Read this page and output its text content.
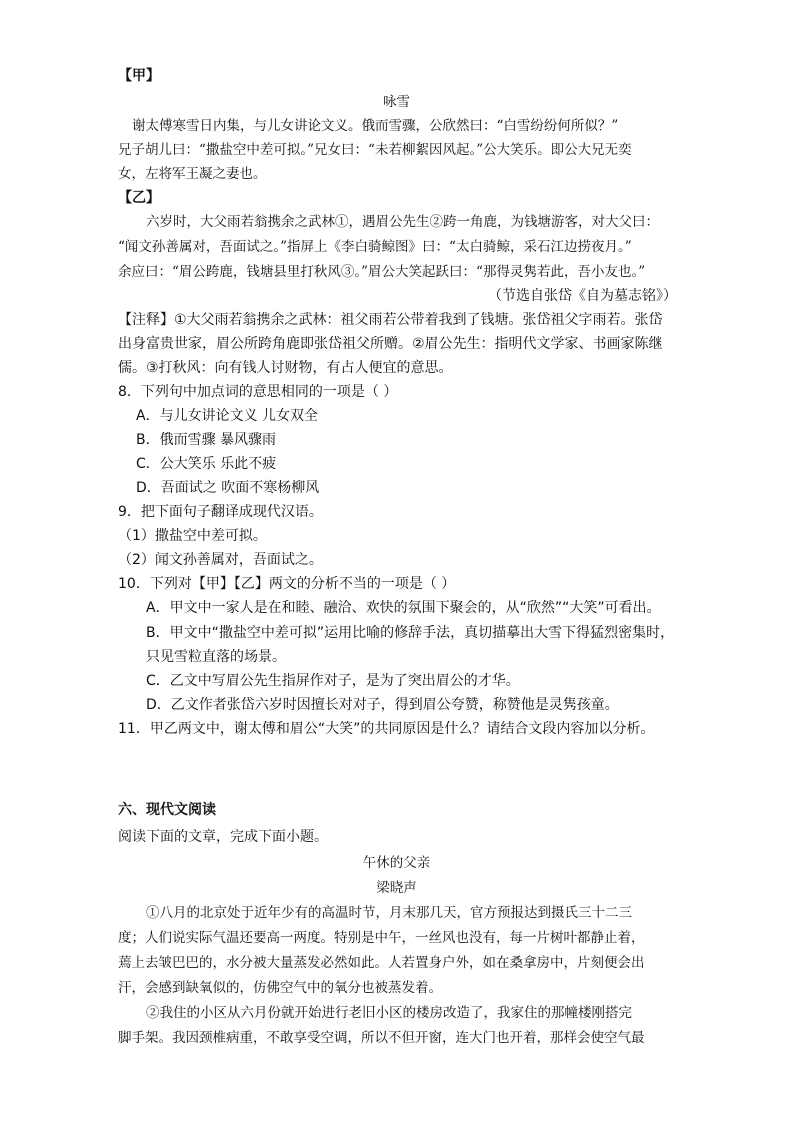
【甲】
咏雪
谢太傅寒雪日内集，与儿女讲论文义。俄而雪骤，公欣然曰：“白雪纷纷何所似？”
兄子胡儿曰：“撒盐空中差可拟。”兄女曰：“未若柳絮因风起。”公大笑乐。即公大兄无奕
女，左将军王凝之妻也。
【乙】
六岁时，大父雨若翁携余之武林①，遇眉公先生②跨一角鹿，为钱塘游客，对大父曰：
“闻文孙善属对，吾面试之。”指屏上《李白骑鲸图》曰：“太白骑鲸，采石江边捞夜月。”
余应曰：“眉公跨鹿，钱塘县里打秋风③。”眉公大笑起跃曰：“那得灵隽若此，吾小友也。”
（节选自张岱《自为墓志铭》）
【注释】①大父雨若翁携余之武林：祖父雨若公带着我到了钱塘。张岱祖父字雨若。张岱
出身富贵世家，眉公所跨角鹿即张岱祖父所赠。②眉公先生：指明代文学家、书画家陈继
儒。③打秋风：向有钱人讨财物，有占人便宜的意思。
8．下列句中加点词的意思相同的一项是（ ）
A．与儿女讲论文义 儿女双全
B．俄而雪骤 暴风骤雨
C．公大笑乐 乐此不疲
D．吾面试之 吹面不寒杨柳风
9．把下面句子翻译成现代汉语。
（1）撒盐空中差可拟。
（2）闻文孙善属对，吾面试之。
10．下列对【甲】【乙】两文的分析不当的一项是（ ）
A．甲文中一家人是在和睦、融洽、欢快的氛围下聚会的，从“欣然”“大笑”可看出。
B．甲文中“撒盐空中差可拟”运用比喻的修辞手法，真切描摹出大雪下得猛烈密集时，
只见雪粒直落的场景。
C．乙文中写眉公先生指屏作对子，是为了突出眉公的才华。
D．乙文作者张岱六岁时因擅长对对子，得到眉公夸赞，称赞他是灵隽孩童。
11．甲乙两文中，谢太傅和眉公“大笑”的共同原因是什么？请结合文段内容加以分析。
六、现代文阅读
阅读下面的文章，完成下面小题。
午休的父亲
梁晓声
①八月的北京处于近年少有的高温时节，月末那几天，官方预报达到摄氏三十二三
度；人们说实际气温还要高一两度。特别是中午，一丝风也没有，每一片树叶都静止着，
蔫上去皱巴巴的，水分被大量蒸发必然如此。人若置身户外，如在桑拿房中，片刻便会出
汗，会感到缺氧似的，仿佛空气中的氧分也被蒸发着。
②我住的小区从六月份就开始进行老旧小区的楼房改造了，我家住的那幢楼刚搭完
脚手架。我因颈椎病重，不敢享受空调，所以不但开窗，连大门也开着，那样会使空气最
